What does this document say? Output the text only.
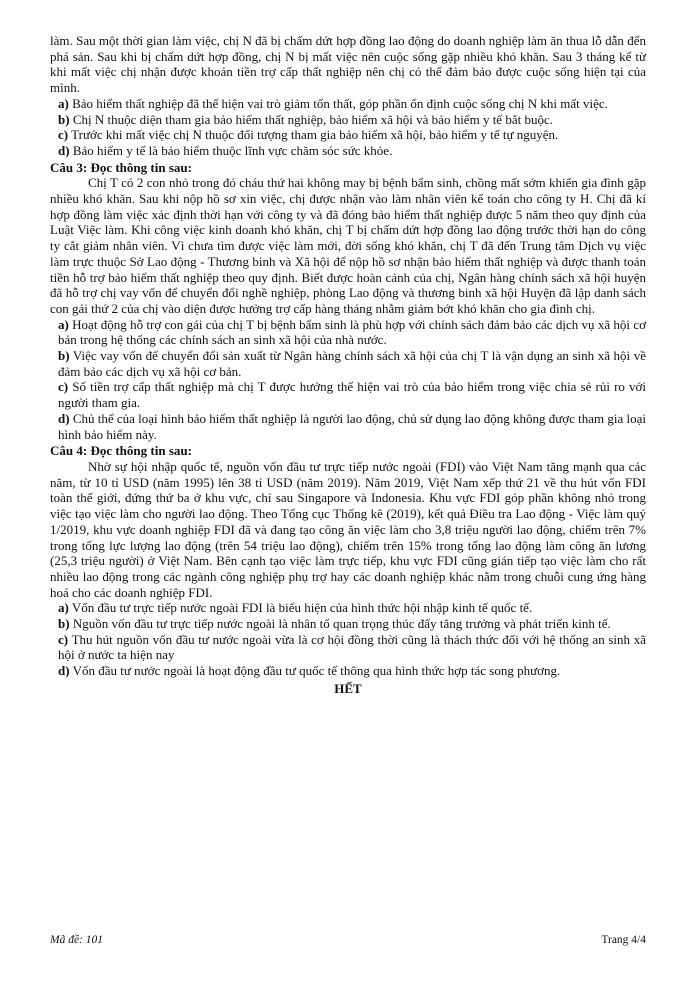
làm. Sau một thời gian làm việc, chị N đã bị chấm dứt hợp đồng lao động do doanh nghiệp làm ăn thua lỗ dẫn đến phá sản. Sau khi bị chấm dứt hợp đồng, chị N bị mất việc nên cuộc sống gặp nhiều khó khăn. Sau 3 tháng kể từ khi mất việc chị nhận được khoản tiền trợ cấp thất nghiệp nên chị có thể đảm bảo được cuộc sống hiện tại của mình.

a) Bảo hiểm thất nghiệp đã thể hiện vai trò giảm tổn thất, góp phần ổn định cuộc sống chị N khi mất việc.

b) Chị N thuộc diện tham gia bảo hiểm thất nghiệp, bảo hiểm xã hội và bảo hiểm y tế bắt buộc.

c) Trước khi mất việc chị N thuộc đối tượng tham gia bảo hiểm xã hội, bảo hiểm y tế tự nguyện.

d) Bảo hiểm y tế là bảo hiểm thuộc lĩnh vực chăm sóc sức khỏe.

Câu 3: Đọc thông tin sau:

Chị T có 2 con nhỏ trong đó cháu thứ hai không may bị bệnh bẩm sinh, chồng mất sớm khiến gia đình gặp nhiều khó khăn. Sau khi nộp hồ sơ xin việc, chị được nhận vào làm nhân viên kế toán cho công ty H. Chị đã kí hợp đồng làm việc xác định thời hạn với công ty và đã đóng bảo hiểm thất nghiệp được 5 năm theo quy định của Luật Việc làm. Khi công việc kinh doanh khó khăn, chị T bị chấm dứt hợp đồng lao động trước thời hạn do công ty cắt giảm nhân viên. Vì chưa tìm được việc làm mới, đời sống khó khăn, chị T đã đến Trung tâm Dịch vụ việc làm trực thuộc Sở Lao động - Thương binh và Xã hội để nộp hồ sơ nhận bảo hiểm thất nghiệp và được thanh toán tiền hỗ trợ bảo hiểm thất nghiệp theo quy định. Biết được hoàn cảnh của chị, Ngân hàng chính sách xã hội huyện đã hỗ trợ chị vay vốn để chuyển đổi nghề nghiệp, phòng Lao động và thương binh xã hội Huyện đã lập danh sách con gái thứ 2 của chị vào diện được hưởng trợ cấp hàng tháng nhằm giảm bớt khó khăn cho gia đình chị.

a) Hoạt động hỗ trợ con gái của chị T bị bệnh bẩm sinh là phù hợp với chính sách đảm bảo các dịch vụ xã hội cơ bản trong hệ thống các chính sách an sinh xã hội của nhà nước.

b) Việc vay vốn để chuyển đổi sản xuất từ Ngân hàng chính sách xã hội của chị T là vận dụng an sinh xã hội về đảm bảo các dịch vụ xã hội cơ bản.

c) Số tiền trợ cấp thất nghiệp mà chị T được hưởng thể hiện vai trò của bảo hiểm trong việc chia sẻ rủi ro với người tham gia.

d) Chủ thể của loại hình bảo hiểm thất nghiệp là người lao động, chủ sử dụng lao động không được tham gia loại hình bảo hiểm này.

Câu 4: Đọc thông tin sau:

Nhờ sự hội nhập quốc tế, nguồn vốn đầu tư trực tiếp nước ngoài (FDI) vào Việt Nam tăng mạnh qua các năm, từ 10 tỉ USD (năm 1995) lên 38 tỉ USD (năm 2019). Năm 2019, Việt Nam xếp thứ 21 về thu hút vốn FDI toàn thế giới, đứng thứ ba ở khu vực, chỉ sau Singapore và Indonesia. Khu vực FDI góp phần không nhỏ trong việc tạo việc làm cho người lao động. Theo Tổng cục Thống kê (2019), kết quả Điều tra Lao động - Việc làm quý 1/2019, khu vực doanh nghiệp FDI đã và đang tạo công ăn việc làm cho 3,8 triệu người lao động, chiếm trên 7% trong tổng lực lượng lao động (trên 54 triệu lao động), chiếm trên 15% trong tổng lao động làm công ăn lương (25,3 triệu người) ở Việt Nam. Bên cạnh tạo việc làm trực tiếp, khu vực FDI cũng gián tiếp tạo việc làm cho rất nhiều lao động trong các ngành công nghiệp phụ trợ hay các doanh nghiệp khác nằm trong chuỗi cung ứng hàng hoá cho các doanh nghiệp FDI.

a) Vốn đầu tư trực tiếp nước ngoài FDI là biểu hiện của hình thức hội nhập kinh tế quốc tế.

b) Nguồn vốn đầu tư trực tiếp nước ngoài là nhân tố quan trọng thúc đẩy tăng trưởng và phát triển kinh tế.

c) Thu hút nguồn vốn đầu tư nước ngoài vừa là cơ hội đồng thời cũng là thách thức đối với hệ thống an sinh xã hội ở nước ta hiện nay

d) Vốn đầu tư nước ngoài là hoạt động đầu tư quốc tế thông qua hình thức hợp tác song phương.

HẾT

Mã đề: 101	Trang 4/4
